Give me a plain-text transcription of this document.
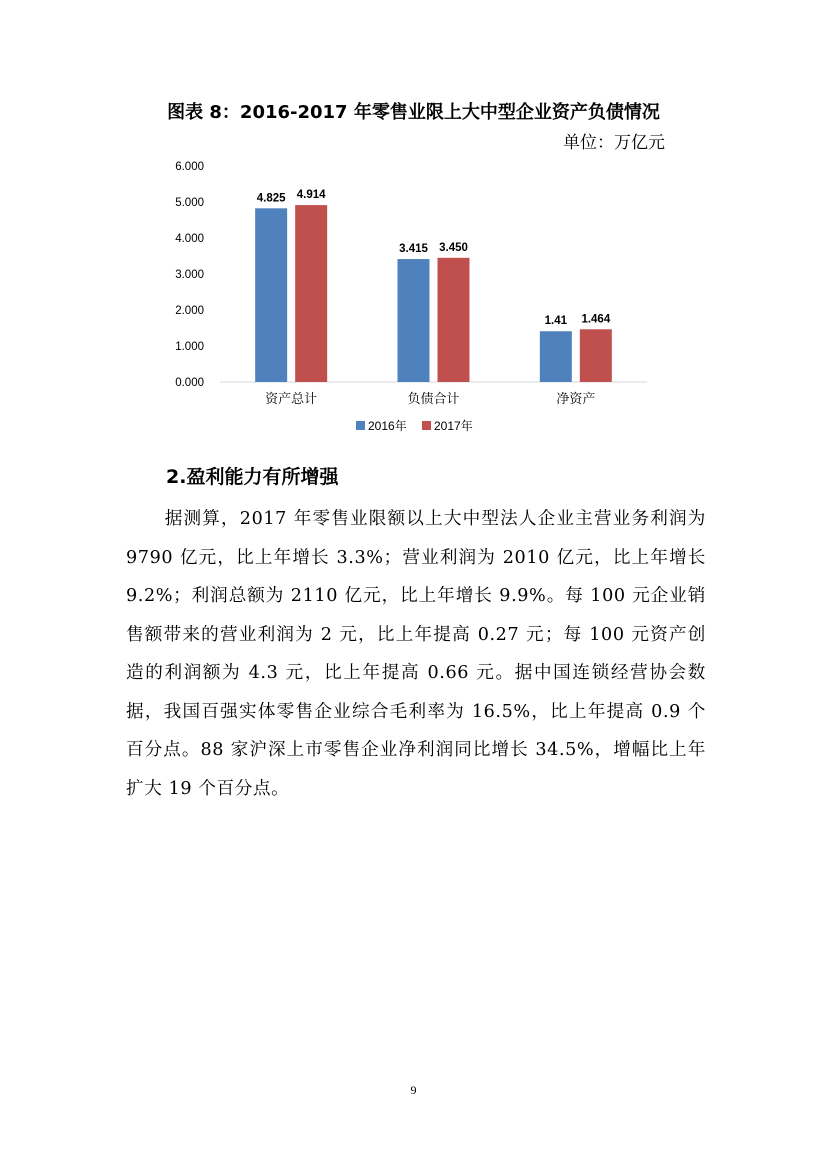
图表 8：2016-2017 年零售业限上大中型企业资产负债情况
单位：万亿元
0.000
1.000
2.000
3.000
4.000
5.000
6.000
4.825 4.914
资产总计
3.415 3.450
负债合计
1.41 1.464
净资产
2016年 2017年
2.盈利能力有所增强
据测算，2017 年零售业限额以上大中型法人企业主营业务利润为 9790 亿元，比上年增长 3.3%；营业利润为 2010 亿元，比上年增长 9.2%；利润总额为 2110 亿元，比上年增长 9.9%。每 100 元企业销售额带来的营业利润为 2 元，比上年提高 0.27 元；每 100 元资产创造的利润额为 4.3 元，比上年提高 0.66 元。据中国连锁经营协会数据，我国百强实体零售企业综合毛利率为 16.5%，比上年提高 0.9 个百分点。88 家沪深上市零售企业净利润同比增长 34.5%，增幅比上年扩大 19 个百分点。
9
